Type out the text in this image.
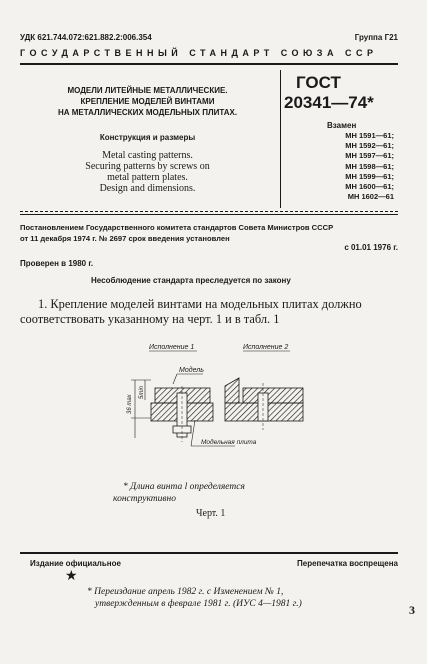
УДК 621.744.072:621.882.2:006.354	Группа Г21
ГОСУДАРСТВЕННЫЙ СТАНДАРТ СОЮЗА ССР
МОДЕЛИ ЛИТЕЙНЫЕ МЕТАЛЛИЧЕСКИЕ.
КРЕПЛЕНИЕ МОДЕЛЕЙ ВИНТАМИ
НА МЕТАЛЛИЧЕСКИХ МОДЕЛЬНЫХ ПЛИТАХ.
Конструкция и размеры
Metal casting patterns.
Securing patterns by screws on
metal pattern plates.
Design and dimensions.
ГОСТ
20341—74*
Взамен
МН 1591—61;
МН 1592—61;
МН 1597—61;
МН 1598—61;
МН 1599—61;
МН 1600—61;
МН 1602—61
Постановлением Государственного комитета стандартов Совета Министров СССР
от 11 декабря 1974 г. № 2697 срок введения установлен
с 01.01 1976 г.
Проверен в 1980 г.
Несоблюдение стандарта преследуется по закону
1. Крепление моделей винтами на модельных плитах должно
соответствовать указанному на черт. 1 и в табл. 1
Исполнение 1	Исполнение 2
Модель
36 max
5min
Модельная плита
* Длина винта l определяется
конструктивно
Черт. 1
Издание официальное	Перепечатка воспрещена
★
* Переиздание апрель 1982 г. с Изменением № 1,
утвержденным в феврале 1981 г. (ИУС 4—1981 г.)	3
